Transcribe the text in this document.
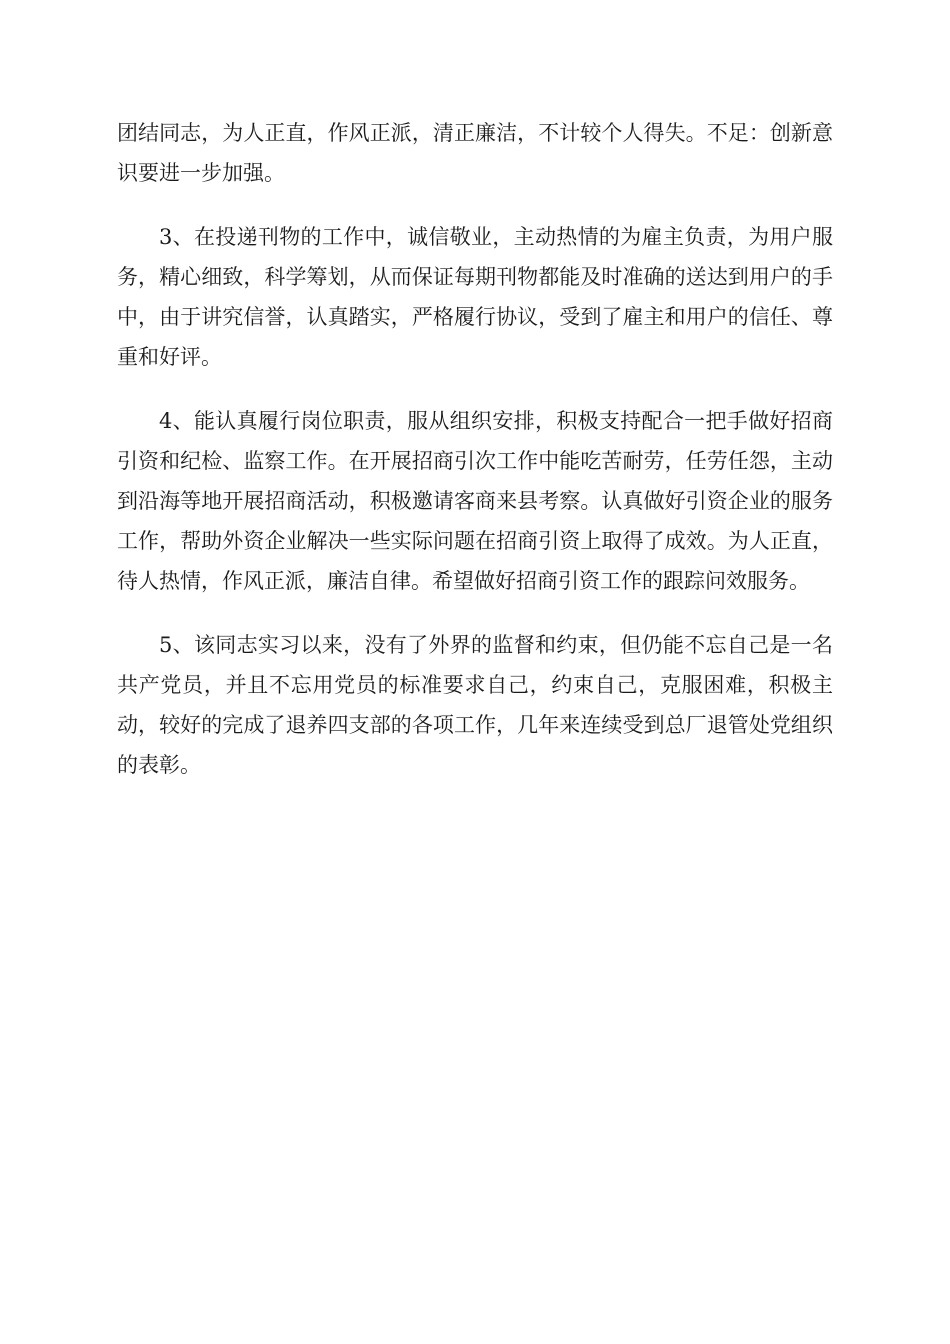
团结同志，为人正直，作风正派，清正廉洁，不计较个人得失。不足：创新意识要进一步加强。

3、在投递刊物的工作中，诚信敬业，主动热情的为雇主负责，为用户服务，精心细致，科学筹划，从而保证每期刊物都能及时准确的送达到用户的手中，由于讲究信誉，认真踏实，严格履行协议，受到了雇主和用户的信任、尊重和好评。

4、能认真履行岗位职责，服从组织安排，积极支持配合一把手做好招商引资和纪检、监察工作。在开展招商引次工作中能吃苦耐劳，任劳任怨，主动到沿海等地开展招商活动，积极邀请客商来县考察。认真做好引资企业的服务工作，帮助外资企业解决一些实际问题在招商引资上取得了成效。为人正直，待人热情，作风正派，廉洁自律。希望做好招商引资工作的跟踪问效服务。

5、该同志实习以来，没有了外界的监督和约束，但仍能不忘自己是一名共产党员，并且不忘用党员的标准要求自己，约束自己，克服困难，积极主动，较好的完成了退养四支部的各项工作，几年来连续受到总厂退管处党组织的表彰。
